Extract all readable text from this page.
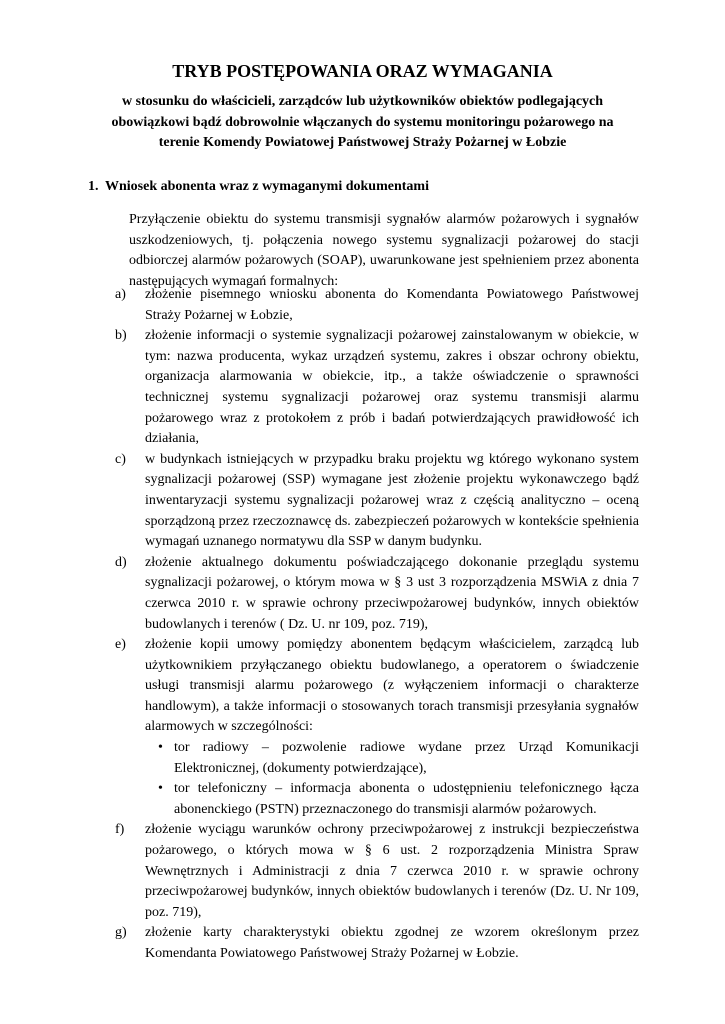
TRYB POSTĘPOWANIA ORAZ WYMAGANIA
w stosunku do właścicieli, zarządców lub użytkowników obiektów podlegających
obowiązkowi bądź dobrowolnie włączanych do systemu monitoringu pożarowego na
terenie Komendy Powiatowej Państwowej Straży Pożarnej w Łobzie
1. Wniosek abonenta wraz z wymaganymi dokumentami

Przyłączenie obiektu do systemu transmisji sygnałów alarmów pożarowych i sygnałów uszkodzeniowych, tj. połączenia nowego systemu sygnalizacji pożarowej do stacji odbiorczej alarmów pożarowych (SOAP), uwarunkowane jest spełnieniem przez abonenta następujących wymagań formalnych:

a) złożenie pisemnego wniosku abonenta do Komendanta Powiatowego Państwowej Straży Pożarnej w Łobzie,
b) złożenie informacji o systemie sygnalizacji pożarowej zainstalowanym w obiekcie, w tym: nazwa producenta, wykaz urządzeń systemu, zakres i obszar ochrony obiektu, organizacja alarmowania w obiekcie, itp., a także oświadczenie o sprawności technicznej systemu sygnalizacji pożarowej oraz systemu transmisji alarmu pożarowego wraz z protokołem z prób i badań potwierdzających prawidłowość ich działania,
c) w budynkach istniejących w przypadku braku projektu wg którego wykonano system sygnalizacji pożarowej (SSP) wymagane jest złożenie projektu wykonawczego bądź inwentaryzacji systemu sygnalizacji pożarowej wraz z częścią analityczno – oceną sporządzoną przez rzeczoznawcę ds. zabezpieczeń pożarowych w kontekście spełnienia wymagań uznanego normatywu dla SSP w danym budynku.
d) złożenie aktualnego dokumentu poświadczającego dokonanie przeglądu systemu sygnalizacji pożarowej, o którym mowa w § 3 ust 3 rozporządzenia MSWiA z dnia 7 czerwca 2010 r. w sprawie ochrony przeciwpożarowej budynków, innych obiektów budowlanych i terenów ( Dz. U. nr 109, poz. 719),
e) złożenie kopii umowy pomiędzy abonentem będącym właścicielem, zarządcą lub użytkownikiem przyłączanego obiektu budowlanego, a operatorem o świadczenie usługi transmisji alarmu pożarowego (z wyłączeniem informacji o charakterze handlowym), a także informacji o stosowanych torach transmisji przesyłania sygnałów alarmowych w szczególności:
• tor radiowy – pozwolenie radiowe wydane przez Urząd Komunikacji Elektronicznej, (dokumenty potwierdzające),
• tor telefoniczny – informacja abonenta o udostępnieniu telefonicznego łącza abonenckiego (PSTN) przeznaczonego do transmisji alarmów pożarowych.
f) złożenie wyciągu warunków ochrony przeciwpożarowej z instrukcji bezpieczeństwa pożarowego, o których mowa w § 6 ust. 2 rozporządzenia Ministra Spraw Wewnętrznych i Administracji z dnia 7 czerwca 2010 r. w sprawie ochrony przeciwpożarowej budynków, innych obiektów budowlanych i terenów (Dz. U. Nr 109, poz. 719),
g) złożenie karty charakterystyki obiektu zgodnej ze wzorem określonym przez Komendanta Powiatowego Państwowej Straży Pożarnej w Łobzie.
